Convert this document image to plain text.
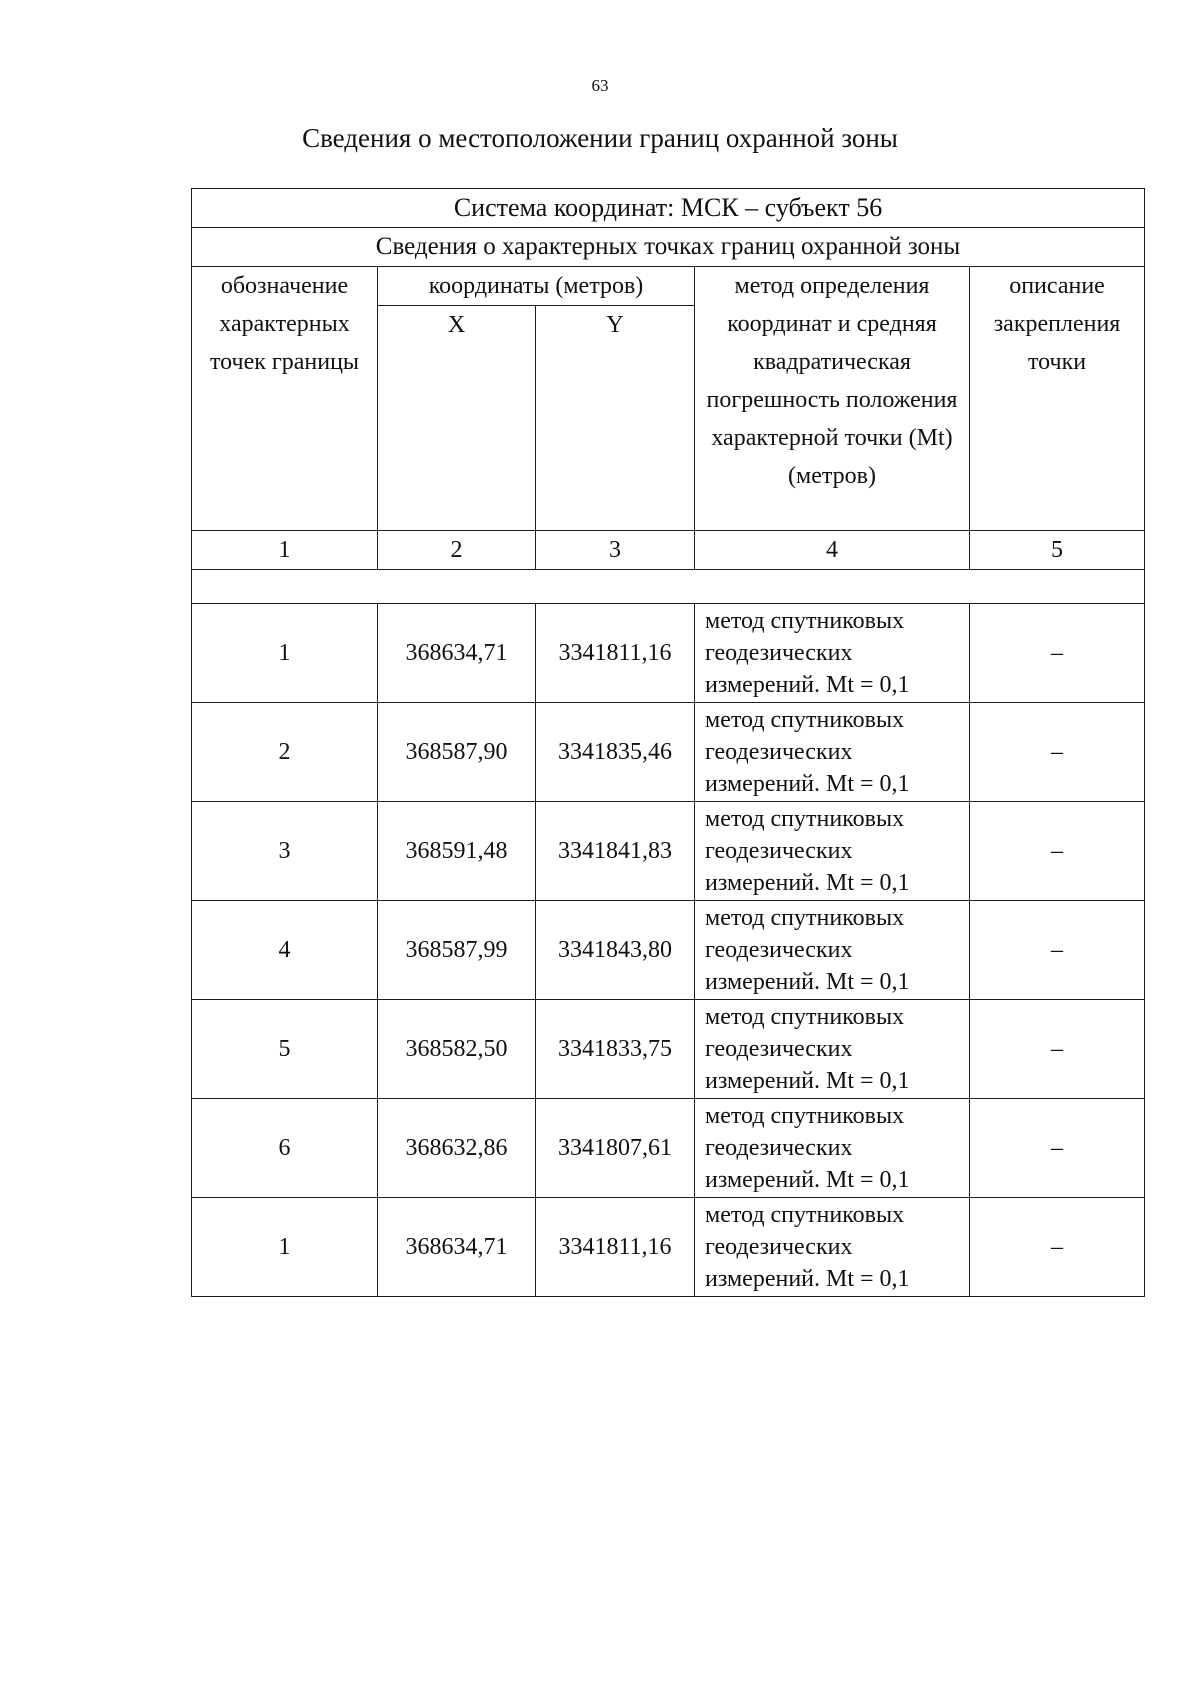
63
Сведения о местоположении границ охранной зоны
Система координат: МСК – субъект 56				
Сведения о характерных точках границ охранной зоны				
обозначение характерных точек границы	координаты (метров)		метод определения координат и средняя квадратическая погрешность положения характерной точки (Mt) (метров)	описание закрепления точки
	X	Y		
1	2	3	4	5

1	368634,71	3341811,16	метод спутниковых геодезических измерений. Mt = 0,1	–
2	368587,90	3341835,46	метод спутниковых геодезических измерений. Mt = 0,1	–
3	368591,48	3341841,83	метод спутниковых геодезических измерений. Mt = 0,1	–
4	368587,99	3341843,80	метод спутниковых геодезических измерений. Mt = 0,1	–
5	368582,50	3341833,75	метод спутниковых геодезических измерений. Mt = 0,1	–
6	368632,86	3341807,61	метод спутниковых геодезических измерений. Mt = 0,1	–
1	368634,71	3341811,16	метод спутниковых геодезических измерений. Mt = 0,1	–
